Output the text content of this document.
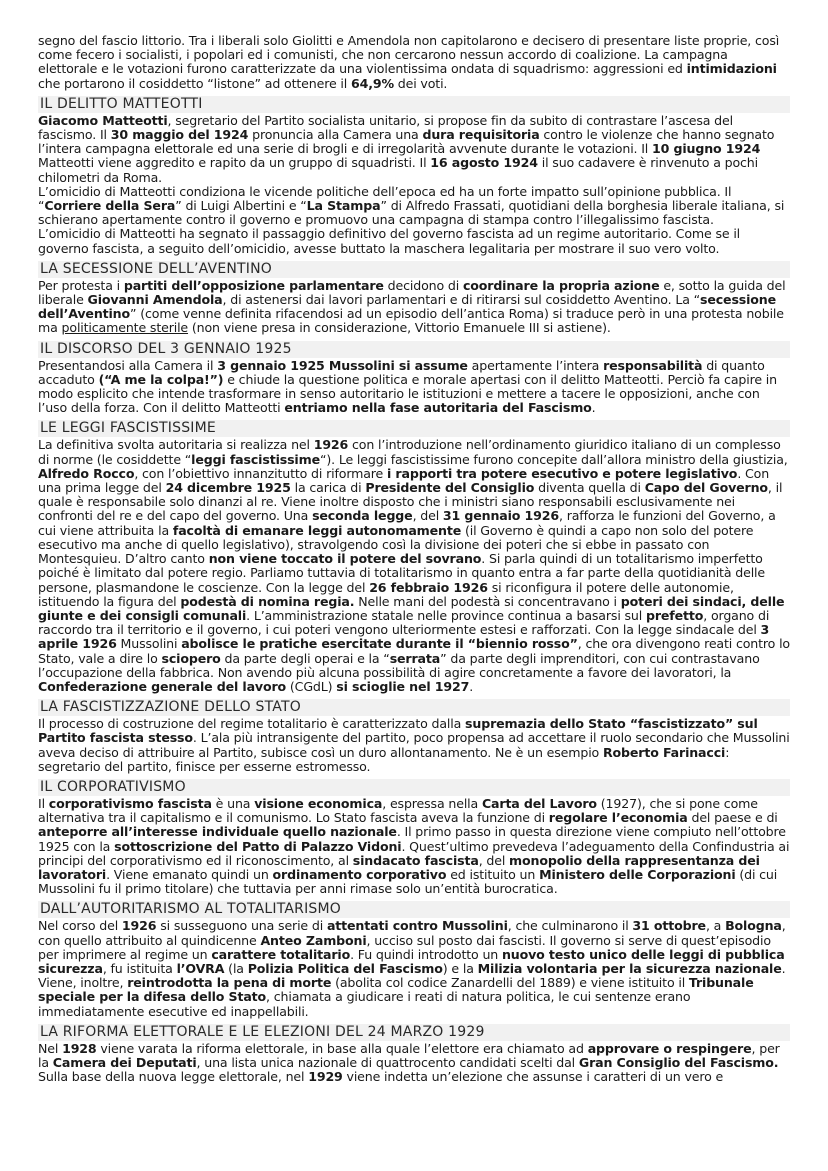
segno del fascio littorio. Tra i liberali solo Giolitti e Amendola non capitolarono e decisero di presentare liste proprie, così come fecero i socialisti, i popolari ed i comunisti, che non cercarono nessun accordo di coalizione. La campagna elettorale e le votazioni furono caratterizzate da una violentissima ondata di squadrismo: aggressioni ed intimidazioni che portarono il cosiddetto “listone” ad ottenere il 64,9% dei voti.

IL DELITTO MATTEOTTI

Giacomo Matteotti, segretario del Partito socialista unitario, si propose fin da subito di contrastare l’ascesa del fascismo. Il 30 maggio del 1924 pronuncia alla Camera una dura requisitoria contro le violenze che hanno segnato l’intera campagna elettorale ed una serie di brogli e di irregolarità avvenute durante le votazioni. Il 10 giugno 1924 Matteotti viene aggredito e rapito da un gruppo di squadristi. Il 16 agosto 1924 il suo cadavere è rinvenuto a pochi chilometri da Roma.

L’omicidio di Matteotti condiziona le vicende politiche dell’epoca ed ha un forte impatto sull’opinione pubblica. Il “Corriere della Sera” di Luigi Albertini e “La Stampa” di Alfredo Frassati, quotidiani della borghesia liberale italiana, si schierano apertamente contro il governo e promuovo una campagna di stampa contro l’illegalissimo fascista.

L’omicidio di Matteotti ha segnato il passaggio definitivo del governo fascista ad un regime autoritario. Come se il governo fascista, a seguito dell’omicidio, avesse buttato la maschera legalitaria per mostrare il suo vero volto.

LA SECESSIONE DELL’AVENTINO

Per protesta i partiti dell’opposizione parlamentare decidono di coordinare la propria azione e, sotto la guida del liberale Giovanni Amendola, di astenersi dai lavori parlamentari e di ritirarsi sul cosiddetto Aventino. La “secessione dell’Aventino” (come venne definita rifacendosi ad un episodio dell’antica Roma) si traduce però in una protesta nobile ma politicamente sterile (non viene presa in considerazione, Vittorio Emanuele III si astiene).

IL DISCORSO DEL 3 GENNAIO 1925

Presentandosi alla Camera il 3 gennaio 1925 Mussolini si assume apertamente l’intera responsabilità di quanto accaduto (“A me la colpa!”) e chiude la questione politica e morale apertasi con il delitto Matteotti. Perciò fa capire in modo esplicito che intende trasformare in senso autoritario le istituzioni e mettere a tacere le opposizioni, anche con l’uso della forza. Con il delitto Matteotti entriamo nella fase autoritaria del Fascismo.

LE LEGGI FASCISTISSIME

La definitiva svolta autoritaria si realizza nel 1926 con l’introduzione nell’ordinamento giuridico italiano di un complesso di norme (le cosiddette “leggi fascistissime“). Le leggi fascistissime furono concepite dall’allora ministro della giustizia, Alfredo Rocco, con l’obiettivo innanzitutto di riformare i rapporti tra potere esecutivo e potere legislativo. Con una prima legge del 24 dicembre 1925 la carica di Presidente del Consiglio diventa quella di Capo del Governo, il quale è responsabile solo dinanzi al re. Viene inoltre disposto che i ministri siano responsabili esclusivamente nei confronti del re e del capo del governo. Una seconda legge, del 31 gennaio 1926, rafforza le funzioni del Governo, a cui viene attribuita la facoltà di emanare leggi autonomamente (il Governo è quindi a capo non solo del potere esecutivo ma anche di quello legislativo), stravolgendo così la divisione dei poteri che si ebbe in passato con Montesquieu. D’altro canto non viene toccato il potere del sovrano. Si parla quindi di un totalitarismo imperfetto poiché è limitato dal potere regio. Parliamo tuttavia di totalitarismo in quanto entra a far parte della quotidianità delle persone, plasmandone le coscienze. Con la legge del 26 febbraio 1926 si riconfigura il potere delle autonomie, istituendo la figura del podestà di nomina regia. Nelle mani del podestà si concentravano i poteri dei sindaci, delle giunte e dei consigli comunali. L’amministrazione statale nelle province continua a basarsi sul prefetto, organo di raccordo tra il territorio e il governo, i cui poteri vengono ulteriormente estesi e rafforzati. Con la legge sindacale del 3 aprile 1926 Mussolini abolisce le pratiche esercitate durante il “biennio rosso”, che ora divengono reati contro lo Stato, vale a dire lo sciopero da parte degli operai e la “serrata” da parte degli imprenditori, con cui contrastavano l’occupazione della fabbrica. Non avendo più alcuna possibilità di agire concretamente a favore dei lavoratori, la Confederazione generale del lavoro (CGdL) si scioglie nel 1927.

LA FASCISTIZZAZIONE DELLO STATO

Il processo di costruzione del regime totalitario è caratterizzato dalla supremazia dello Stato “fascistizzato” sul Partito fascista stesso. L’ala più intransigente del partito, poco propensa ad accettare il ruolo secondario che Mussolini aveva deciso di attribuire al Partito, subisce così un duro allontanamento. Ne è un esempio Roberto Farinacci: segretario del partito, finisce per esserne estromesso.

IL CORPORATIVISMO

Il corporativismo fascista è una visione economica, espressa nella Carta del Lavoro (1927), che si pone come alternativa tra il capitalismo e il comunismo. Lo Stato fascista aveva la funzione di regolare l’economia del paese e di anteporre all’interesse individuale quello nazionale. Il primo passo in questa direzione viene compiuto nell’ottobre 1925 con la sottoscrizione del Patto di Palazzo Vidoni. Quest’ultimo prevedeva l’adeguamento della Confindustria ai principi del corporativismo ed il riconoscimento, al sindacato fascista, del monopolio della rappresentanza dei lavoratori. Viene emanato quindi un ordinamento corporativo ed istituito un Ministero delle Corporazioni (di cui Mussolini fu il primo titolare) che tuttavia per anni rimase solo un’entità burocratica.

DALL’AUTORITARISMO AL TOTALITARISMO

Nel corso del 1926 si susseguono una serie di attentati contro Mussolini, che culminarono il 31 ottobre, a Bologna, con quello attribuito al quindicenne Anteo Zamboni, ucciso sul posto dai fascisti. Il governo si serve di quest’episodio per imprimere al regime un carattere totalitario. Fu quindi introdotto un nuovo testo unico delle leggi di pubblica sicurezza, fu istituita l’OVRA (la Polizia Politica del Fascismo) e la Milizia volontaria per la sicurezza nazionale. Viene, inoltre, reintrodotta la pena di morte (abolita col codice Zanardelli del 1889) e viene istituito il Tribunale speciale per la difesa dello Stato, chiamata a giudicare i reati di natura politica, le cui sentenze erano immediatamente esecutive ed inappellabili.

LA RIFORMA ELETTORALE E LE ELEZIONI DEL 24 MARZO 1929

Nel 1928 viene varata la riforma elettorale, in base alla quale l’elettore era chiamato ad approvare o respingere, per la Camera dei Deputati, una lista unica nazionale di quattrocento candidati scelti dal Gran Consiglio del Fascismo. Sulla base della nuova legge elettorale, nel 1929 viene indetta un’elezione che assunse i caratteri di un vero e
